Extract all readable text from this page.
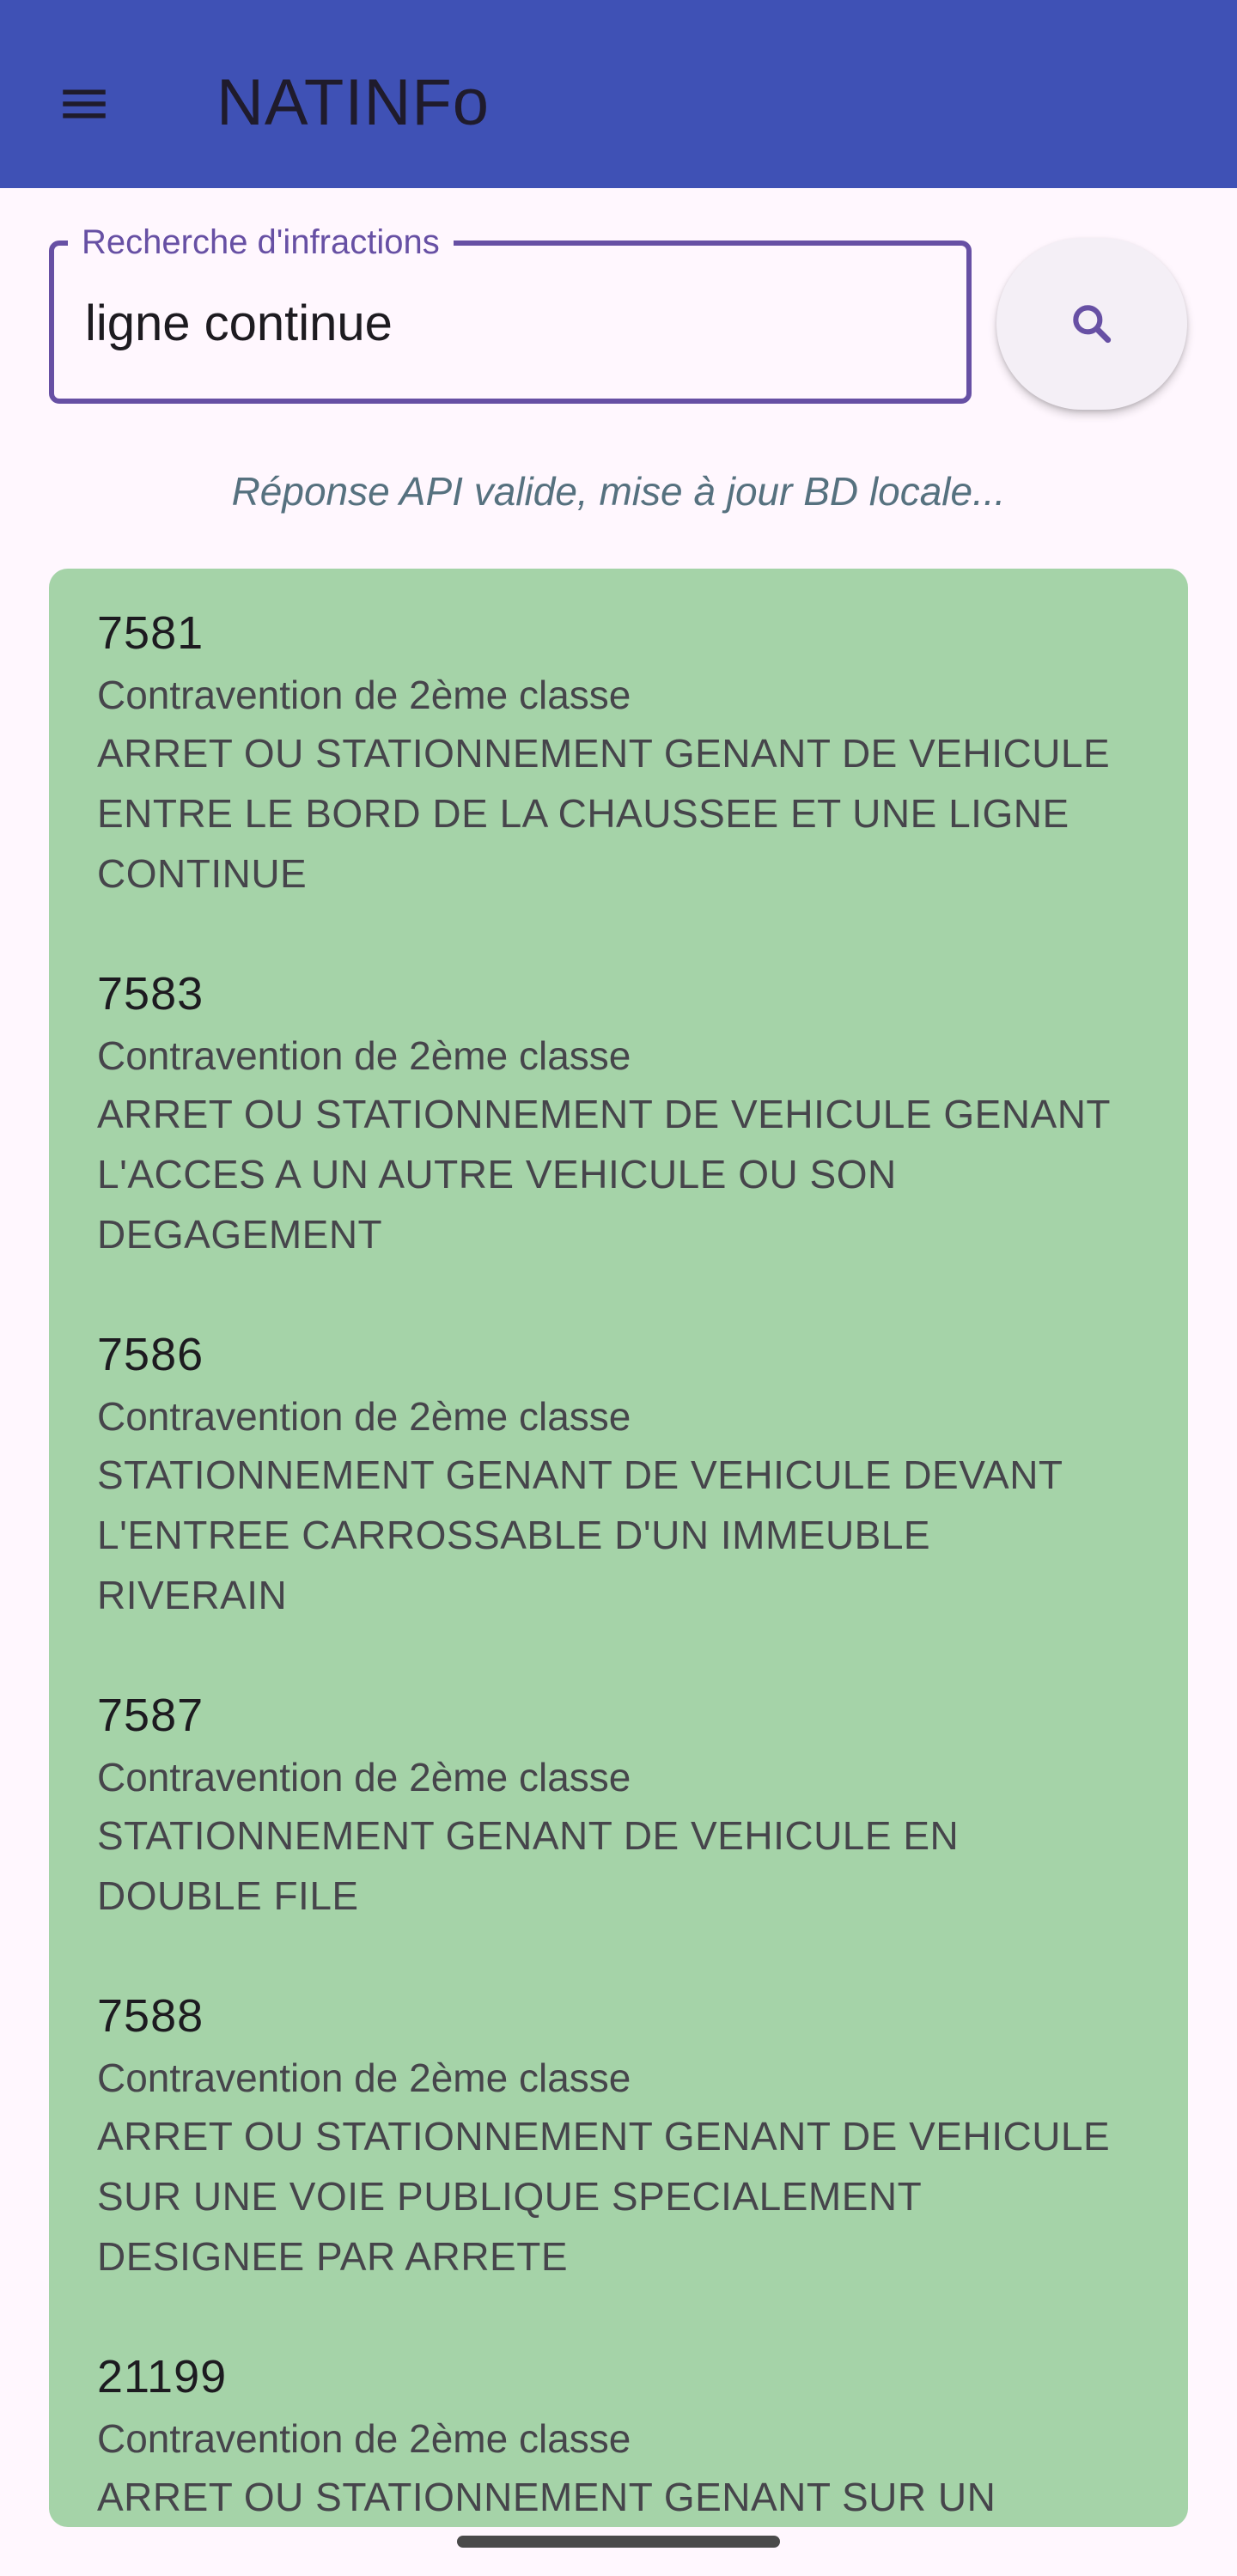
NATINFo
Recherche d'infractions
ligne continue
Réponse API valide, mise à jour BD locale...
7581
Contravention de 2ème classe
ARRET OU STATIONNEMENT GENANT DE VEHICULE
ENTRE LE BORD DE LA CHAUSSEE ET UNE LIGNE
CONTINUE
7583
Contravention de 2ème classe
ARRET OU STATIONNEMENT DE VEHICULE GENANT
L'ACCES A UN AUTRE VEHICULE OU SON
DEGAGEMENT
7586
Contravention de 2ème classe
STATIONNEMENT GENANT DE VEHICULE DEVANT
L'ENTREE CARROSSABLE D'UN IMMEUBLE
RIVERAIN
7587
Contravention de 2ème classe
STATIONNEMENT GENANT DE VEHICULE EN
DOUBLE FILE
7588
Contravention de 2ème classe
ARRET OU STATIONNEMENT GENANT DE VEHICULE
SUR UNE VOIE PUBLIQUE SPECIALEMENT
DESIGNEE PAR ARRETE
21199
Contravention de 2ème classe
ARRET OU STATIONNEMENT GENANT SUR UN
